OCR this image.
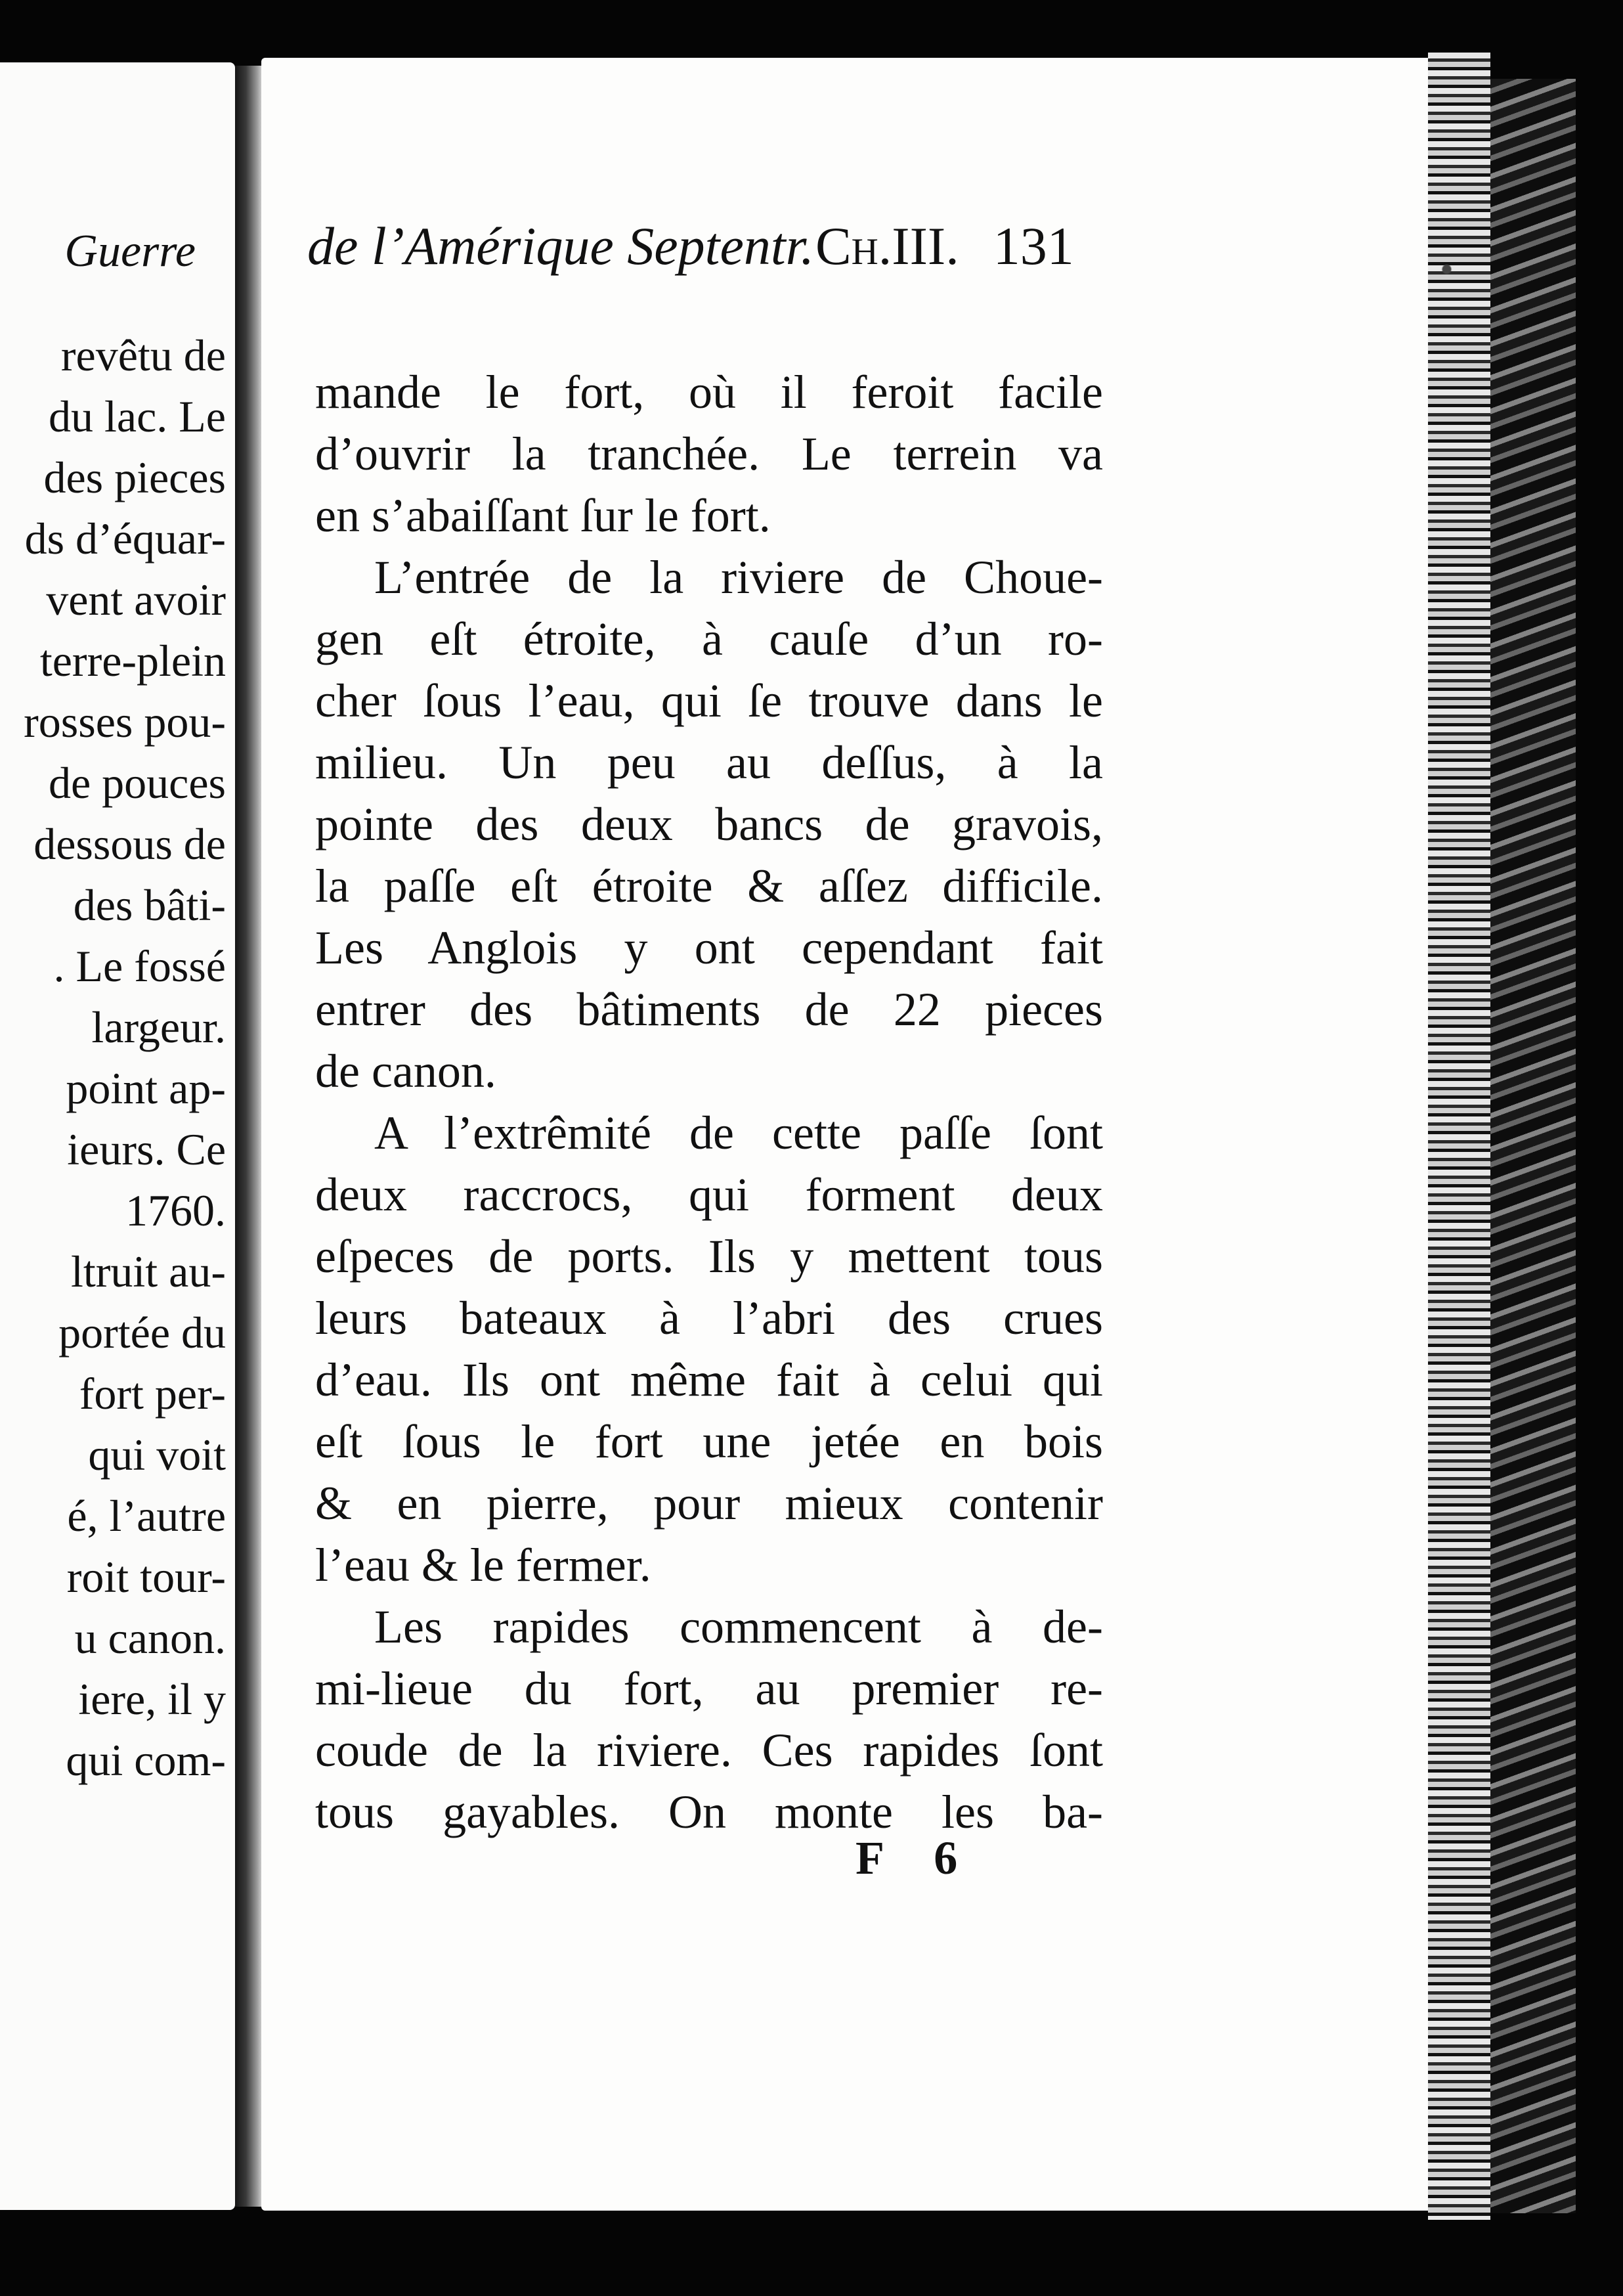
Guerre
revêtu de
du lac. Le
des pieces
ds d’équar-
vent avoir
terre-plein
rosses pou-
de pouces
dessous de
des bâti-
. Le fossé
largeur.
point ap-
ieurs. Ce
1760.
ltruit au-
portée du
fort per-
qui voit
é, l’autre
roit tour-
u canon.
iere, il y
qui com-
de l’Amérique Septentr.Ch.III. 131
mande le fort, où il feroit facile
d’ouvrir la tranchée. Le terrein va
en s’abaiſſant ſur le fort.
L’entrée de la riviere de Choue-
gen eſt étroite, à cauſe d’un ro-
cher ſous l’eau, qui ſe trouve dans le
milieu. Un peu au deſſus, à la
pointe des deux bancs de gravois,
la paſſe eſt étroite & aſſez difficile.
Les Anglois y ont cependant fait
entrer des bâtiments de 22 pieces
de canon.
A l’extrêmité de cette paſſe ſont
deux raccrocs, qui forment deux
eſpeces de ports. Ils y mettent tous
leurs bateaux à l’abri des crues
d’eau. Ils ont même fait à celui qui
eſt ſous le fort une jetée en bois
& en pierre, pour mieux contenir
l’eau & le fermer.
Les rapides commencent à de-
mi-lieue du fort, au premier re-
coude de la riviere. Ces rapides ſont
tous gayables. On monte les ba-
F 6
